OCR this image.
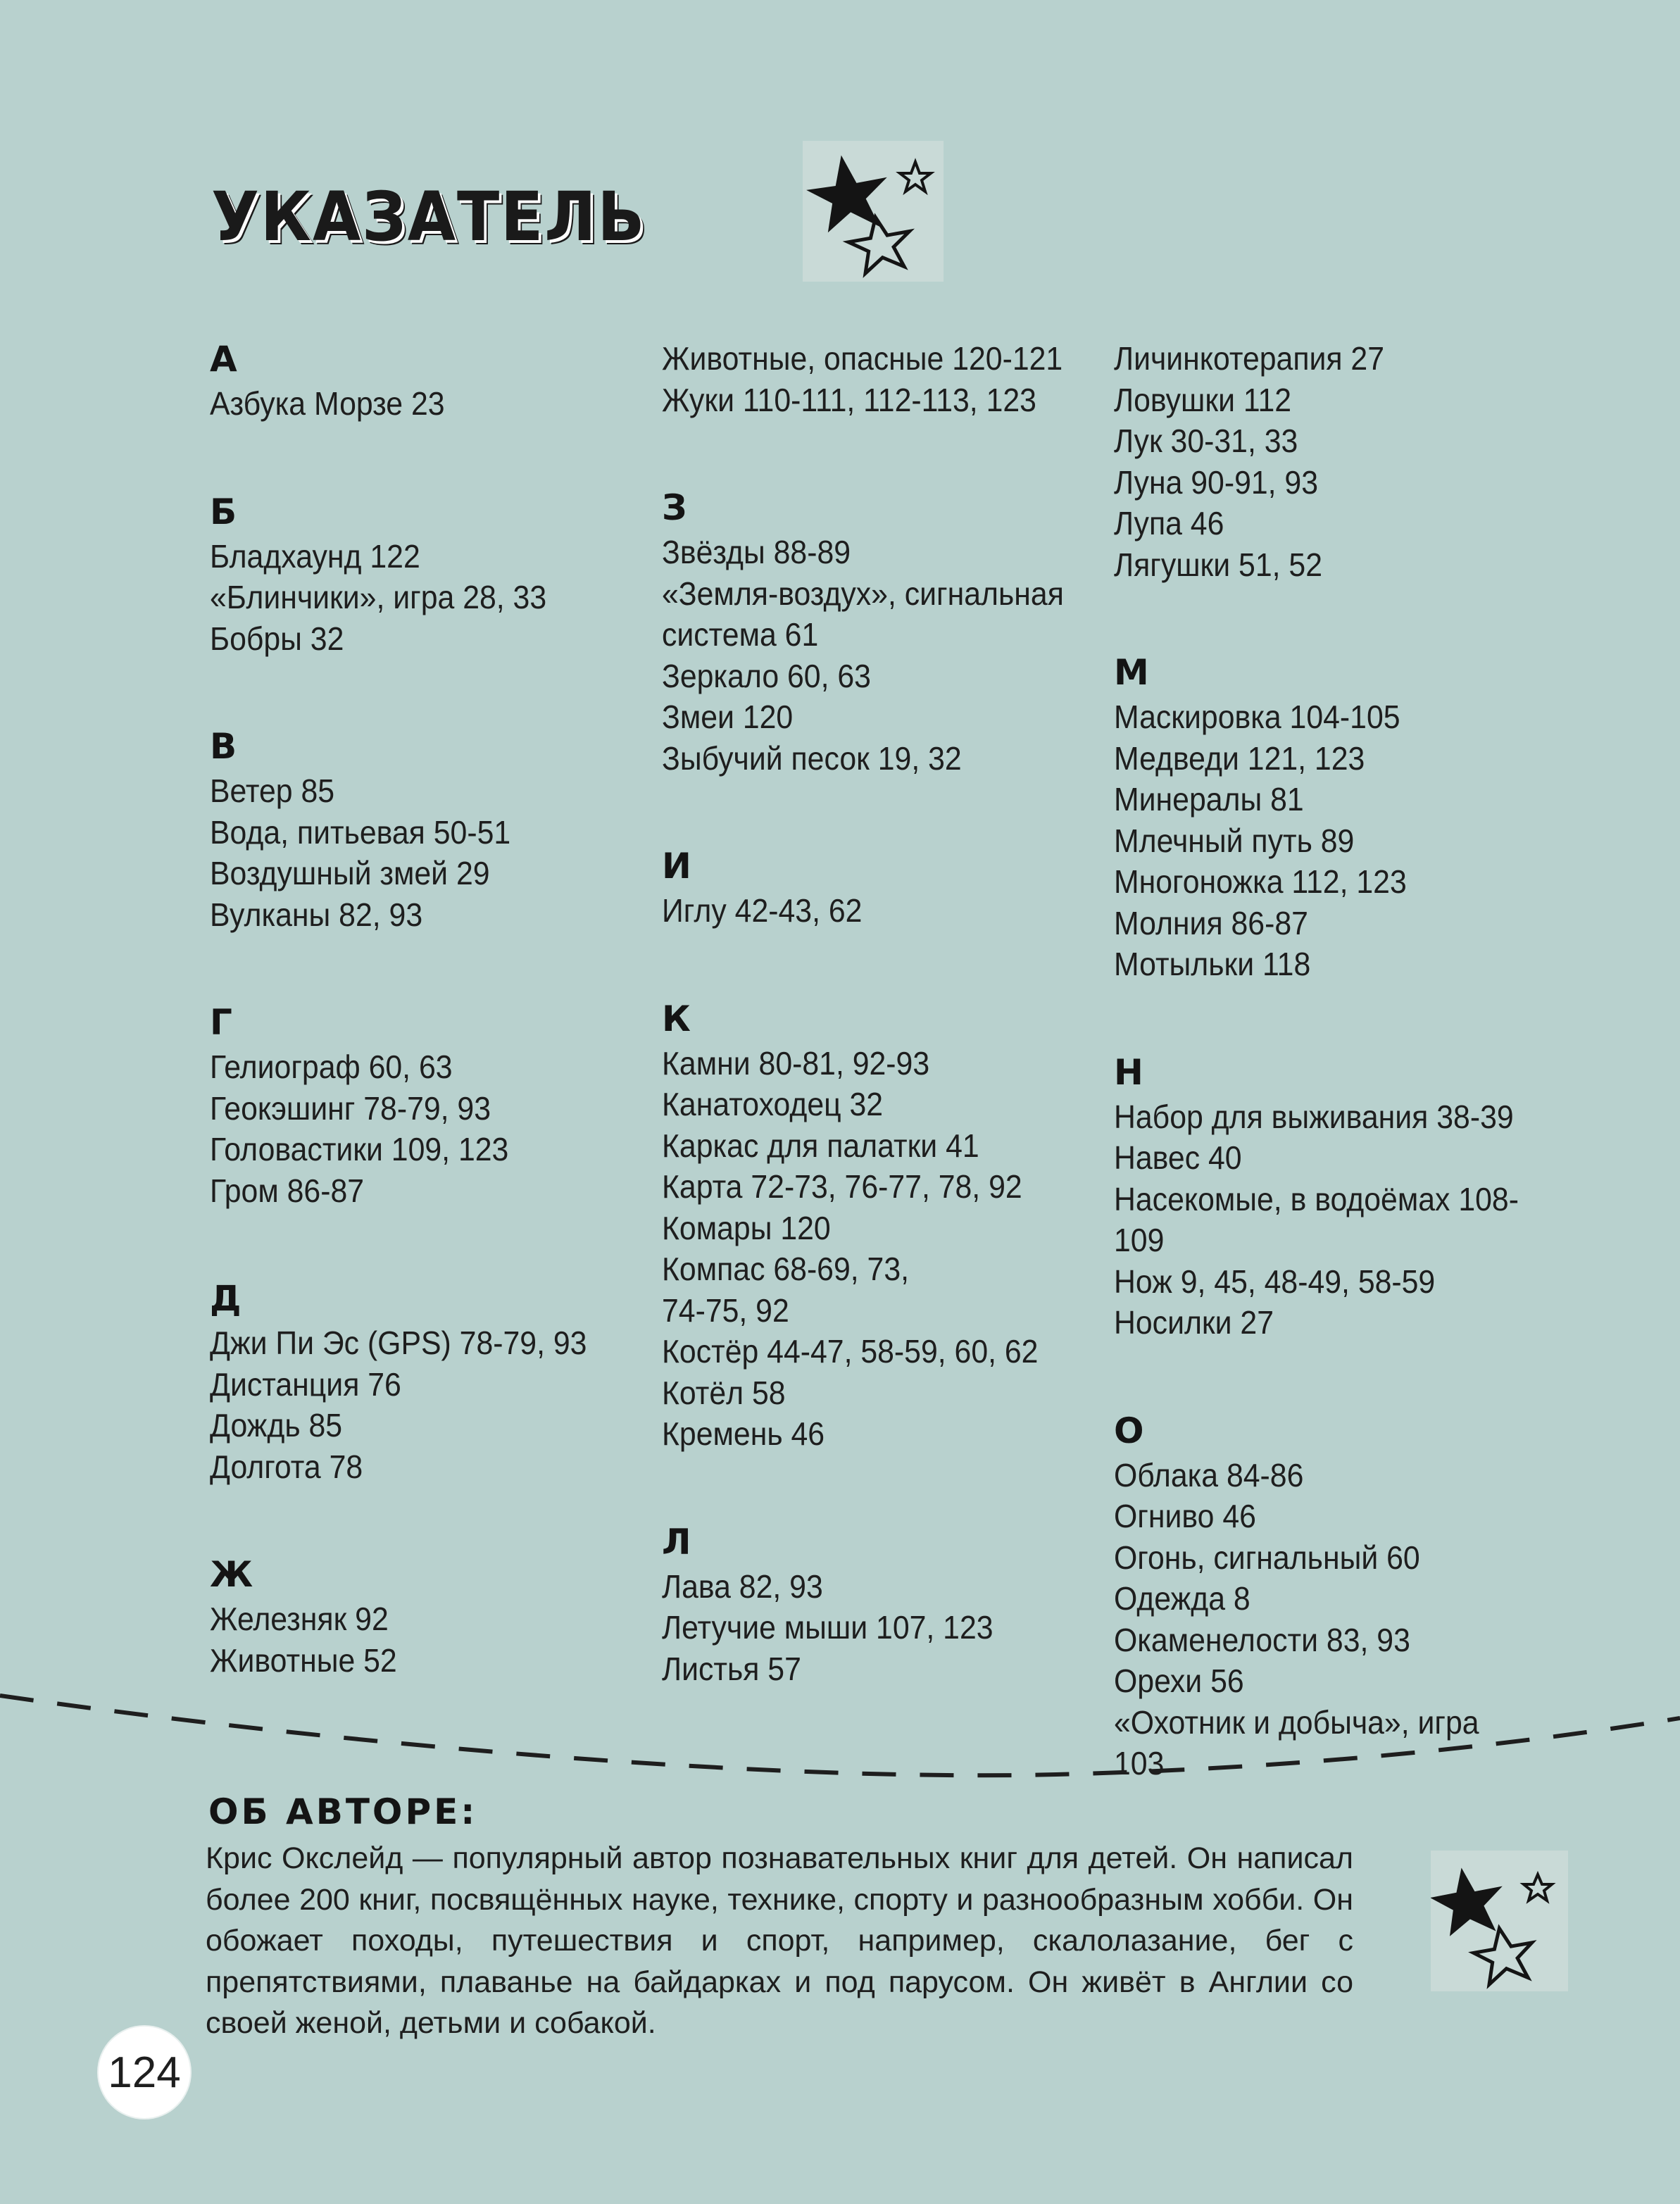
УКАЗАТЕЛЬ
А
Азбука Морзе 23
Б
Бладхаунд 122
«Блинчики», игра 28, 33
Бобры 32
В
Ветер 85
Вода, питьевая 50-51
Воздушный змей 29
Вулканы 82, 93
Г
Гелиограф 60, 63
Геокэшинг 78-79, 93
Головастики 109, 123
Гром 86-87
Д
Джи Пи Эс (GPS) 78-79, 93
Дистанция 76
Дождь 85
Долгота 78
Ж
Железняк 92
Животные 52
Животные, опасные 120-121
Жуки 110-111, 112-113, 123
З
Звёзды 88-89
«Земля-воздух», сигнальная
система 61
Зеркало 60, 63
Змеи 120
Зыбучий песок 19, 32
И
Иглу 42-43, 62
К
Камни 80-81, 92-93
Канатоходец 32
Каркас для палатки 41
Карта 72-73, 76-77, 78, 92
Комары 120
Компас 68-69, 73,
74-75, 92
Костёр 44-47, 58-59, 60, 62
Котёл 58
Кремень 46
Л
Лава 82, 93
Летучие мыши 107, 123
Листья 57
Личинкотерапия 27
Ловушки 112
Лук 30-31, 33
Луна 90-91, 93
Лупа 46
Лягушки 51, 52
М
Маскировка 104-105
Медведи 121, 123
Минералы 81
Млечный путь 89
Многоножка 112, 123
Молния 86-87
Мотыльки 118
Н
Набор для выживания 38-39
Навес 40
Насекомые, в водоёмах 108-
109
Нож 9, 45, 48-49, 58-59
Носилки 27
О
Облака 84-86
Огниво 46
Огонь, сигнальный 60
Одежда 8
Окаменелости 83, 93
Орехи 56
«Охотник и добыча», игра 103
ОБ АВТОРЕ:
Крис Окслейд — популярный автор познавательных книг для детей. Он написал более 200 книг, посвящённых науке, технике, спорту и разнообразным хобби. Он обожает походы, путешествия и спорт, например, скалолазание, бег с препятствиями, плаванье на байдарках и под парусом. Он живёт в Англии со своей женой, детьми и собакой.
124
